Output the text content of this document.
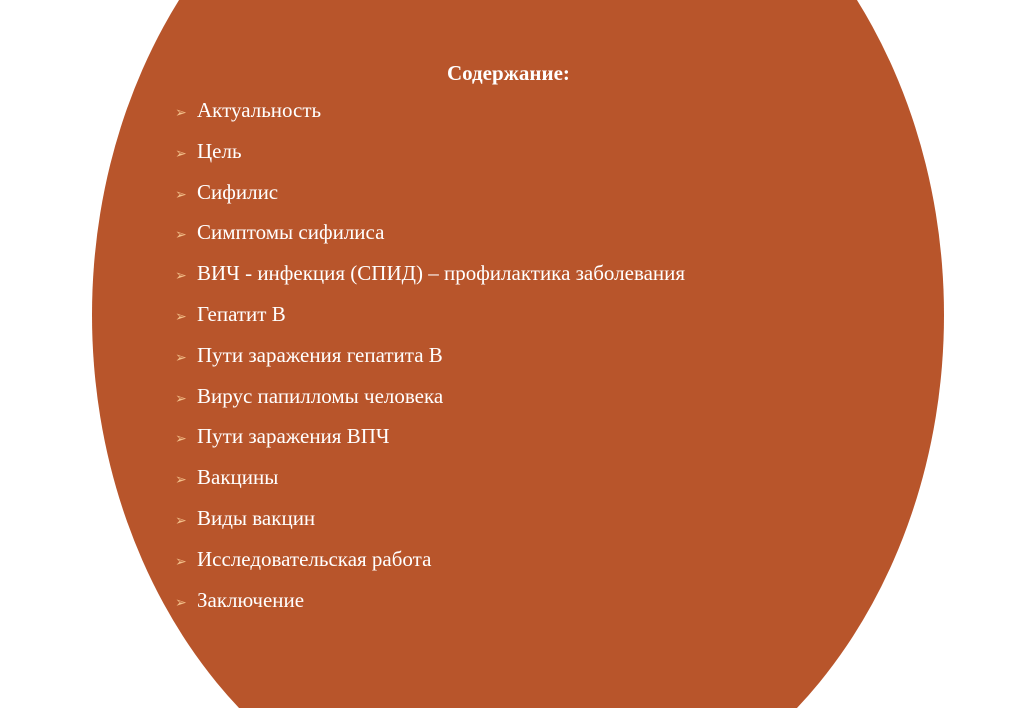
Содержание:
➢ Актуальность
➢ Цель
➢ Сифилис
➢ Симптомы сифилиса
➢ ВИЧ - инфекция (СПИД) – профилактика заболевания
➢ Гепатит В
➢ Пути заражения гепатита В
➢ Вирус папилломы человека
➢ Пути заражения ВПЧ
➢ Вакцины
➢ Виды вакцин
➢ Исследовательская работа
➢ Заключение
